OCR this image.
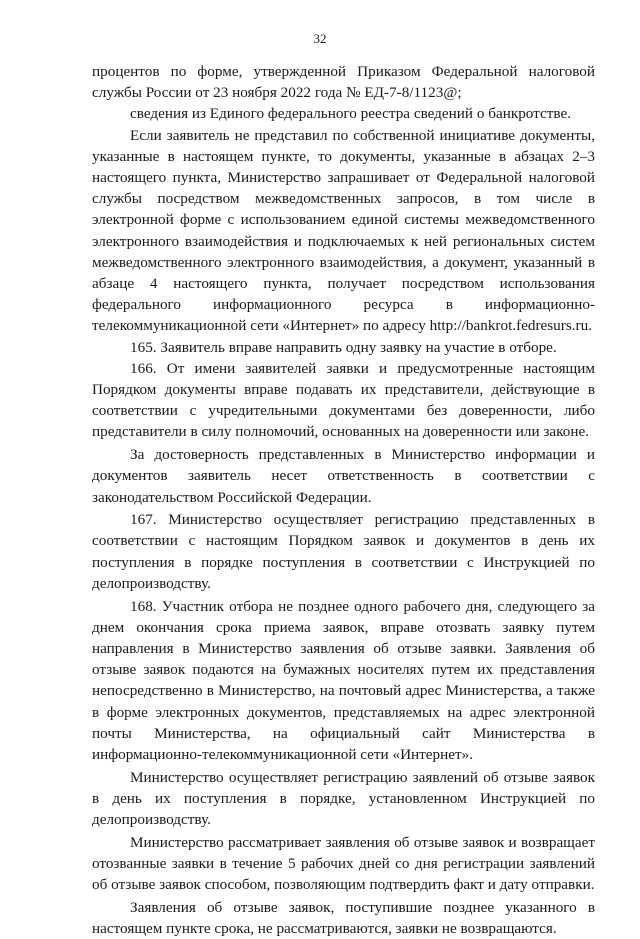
32

процентов по форме, утвержденной Приказом Федеральной налоговой службы России от 23 ноября 2022 года № ЕД-7-8/1123@;

сведения из Единого федерального реестра сведений о банкротстве.

Если заявитель не представил по собственной инициативе документы, указанные в настоящем пункте, то документы, указанные в абзацах 2–3 настоящего пункта, Министерство запрашивает от Федеральной налоговой службы посредством межведомственных запросов, в том числе в электронной форме с использованием единой системы межведомственного электронного взаимодействия и подключаемых к ней региональных систем межведомственного электронного взаимодействия, а документ, указанный в абзаце 4 настоящего пункта, получает посредством использования федерального информационного ресурса в информационно-телекоммуникационной сети «Интернет» по адресу http://bankrot.fedresurs.ru.

165. Заявитель вправе направить одну заявку на участие в отборе.

166. От имени заявителей заявки и предусмотренные настоящим Порядком документы вправе подавать их представители, действующие в соответствии с учредительными документами без доверенности, либо представители в силу полномочий, основанных на доверенности или законе.

За достоверность представленных в Министерство информации и документов заявитель несет ответственность в соответствии с законодательством Российской Федерации.

167. Министерство осуществляет регистрацию представленных в соответствии с настоящим Порядком заявок и документов в день их поступления в порядке поступления в соответствии с Инструкцией по делопроизводству.

168. Участник отбора не позднее одного рабочего дня, следующего за днем окончания срока приема заявок, вправе отозвать заявку путем направления в Министерство заявления об отзыве заявки. Заявления об отзыве заявок подаются на бумажных носителях путем их представления непосредственно в Министерство, на почтовый адрес Министерства, а также в форме электронных документов, представляемых на адрес электронной почты Министерства, на официальный сайт Министерства в информационно-телекоммуникационной сети «Интернет».

Министерство осуществляет регистрацию заявлений об отзыве заявок в день их поступления в порядке, установленном Инструкцией по делопроизводству.

Министерство рассматривает заявления об отзыве заявок и возвращает отозванные заявки в течение 5 рабочих дней со дня регистрации заявлений об отзыве заявок способом, позволяющим подтвердить факт и дату отправки.

Заявления об отзыве заявок, поступившие позднее указанного в настоящем пункте срока, не рассматриваются, заявки не возвращаются.
